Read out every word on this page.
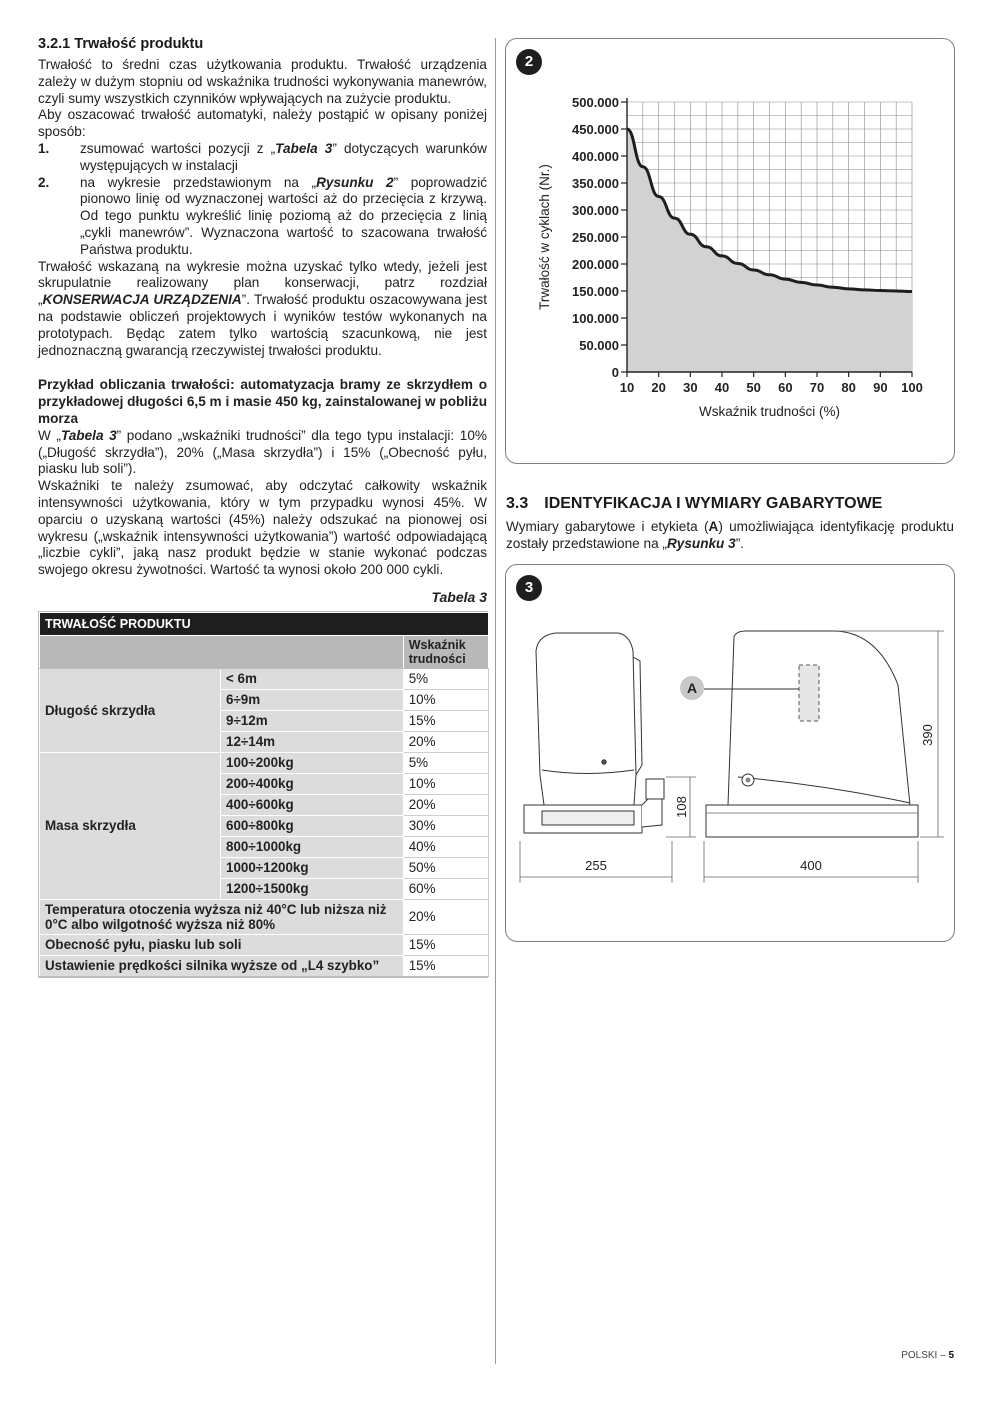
3.2.1 Trwałość produktu

Trwałość to średni czas użytkowania produktu. Trwałość urządzenia zależy w dużym stopniu od wskaźnika trudności wykonywania manewrów, czyli sumy wszystkich czynników wpływających na zużycie produktu.

Aby oszacować trwałość automatyki, należy postąpić w opisany poniżej sposób:

1. zsumować wartości pozycji z „Tabela 3” dotyczących warunków występujących w instalacji
2. na wykresie przedstawionym na „Rysunku 2” poprowadzić pionowo linię od wyznaczonej wartości aż do przecięcia z krzywą. Od tego punktu wykreślić linię poziomą aż do przecięcia z linią „cykli manewrów”. Wyznaczona wartość to szacowana trwałość Państwa produktu.

Trwałość wskazaną na wykresie można uzyskać tylko wtedy, jeżeli jest skrupulatnie realizowany plan konserwacji, patrz rozdział „KONSERWACJA URZĄDZENIA”. Trwałość produktu oszacowywana jest na podstawie obliczeń projektowych i wyników testów wykonanych na prototypach. Będąc zatem tylko wartością szacunkową, nie jest jednoznaczną gwarancją rzeczywistej trwałości produktu.

Przykład obliczania trwałości: automatyzacja bramy ze skrzydłem o przykładowej długości 6,5 m i masie 450 kg, zainstalowanej w pobliżu morza

W „Tabela 3” podano „wskaźniki trudności” dla tego typu instalacji: 10% („Długość skrzydła”), 20% („Masa skrzydła”) i 15% („Obecność pyłu, piasku lub soli”).

Wskaźniki te należy zsumować, aby odczytać całkowity wskaźnik intensywności użytkowania, który w tym przypadku wynosi 45%. W oparciu o uzyskaną wartości (45%) należy odszukać na pionowej osi wykresu („wskaźnik intensywności użytkowania”) wartość odpowiadającą „liczbie cykli”, jaką nasz produkt będzie w stanie wykonać podczas swojego okresu żywotności. Wartość ta wynosi około 200 000 cykli.

Tabela 3
TRWAŁOŚĆ PRODUKTU		
		Wskaźnik trudności
Długość skrzydła	< 6m	5%
	6÷9m	10%
	9÷12m	15%
	12÷14m	20%
Masa skrzydła	100÷200kg	5%
	200÷400kg	10%
	400÷600kg	20%
	600÷800kg	30%
	800÷1000kg	40%
	1000÷1200kg	50%
	1200÷1500kg	60%
Temperatura otoczenia wyższa niż 40°C lub niższa niż 0°C albo wilgotność wyższa niż 80%		20%
Obecność pyłu, piasku lub soli		15%
Ustawienie prędkości silnika wyższe od „L4 szybko”		15%
2
0
50.000
100.000
150.000
200.000
250.000
300.000
350.000
400.000
450.000
500.000
10 20 30 40 50 60 70 80 90 100
Wskaźnik trudności (%)
Trwałość w cyklach (Nr.)
3.3 IDENTYFIKACJA I WYMIARY GABARYTOWE

Wymiary gabarytowe i etykieta (A) umożliwiająca identyfikację produktu zostały przedstawione na „Rysunku 3”.

3
A
255	400
108
390
POLSKI – 5
